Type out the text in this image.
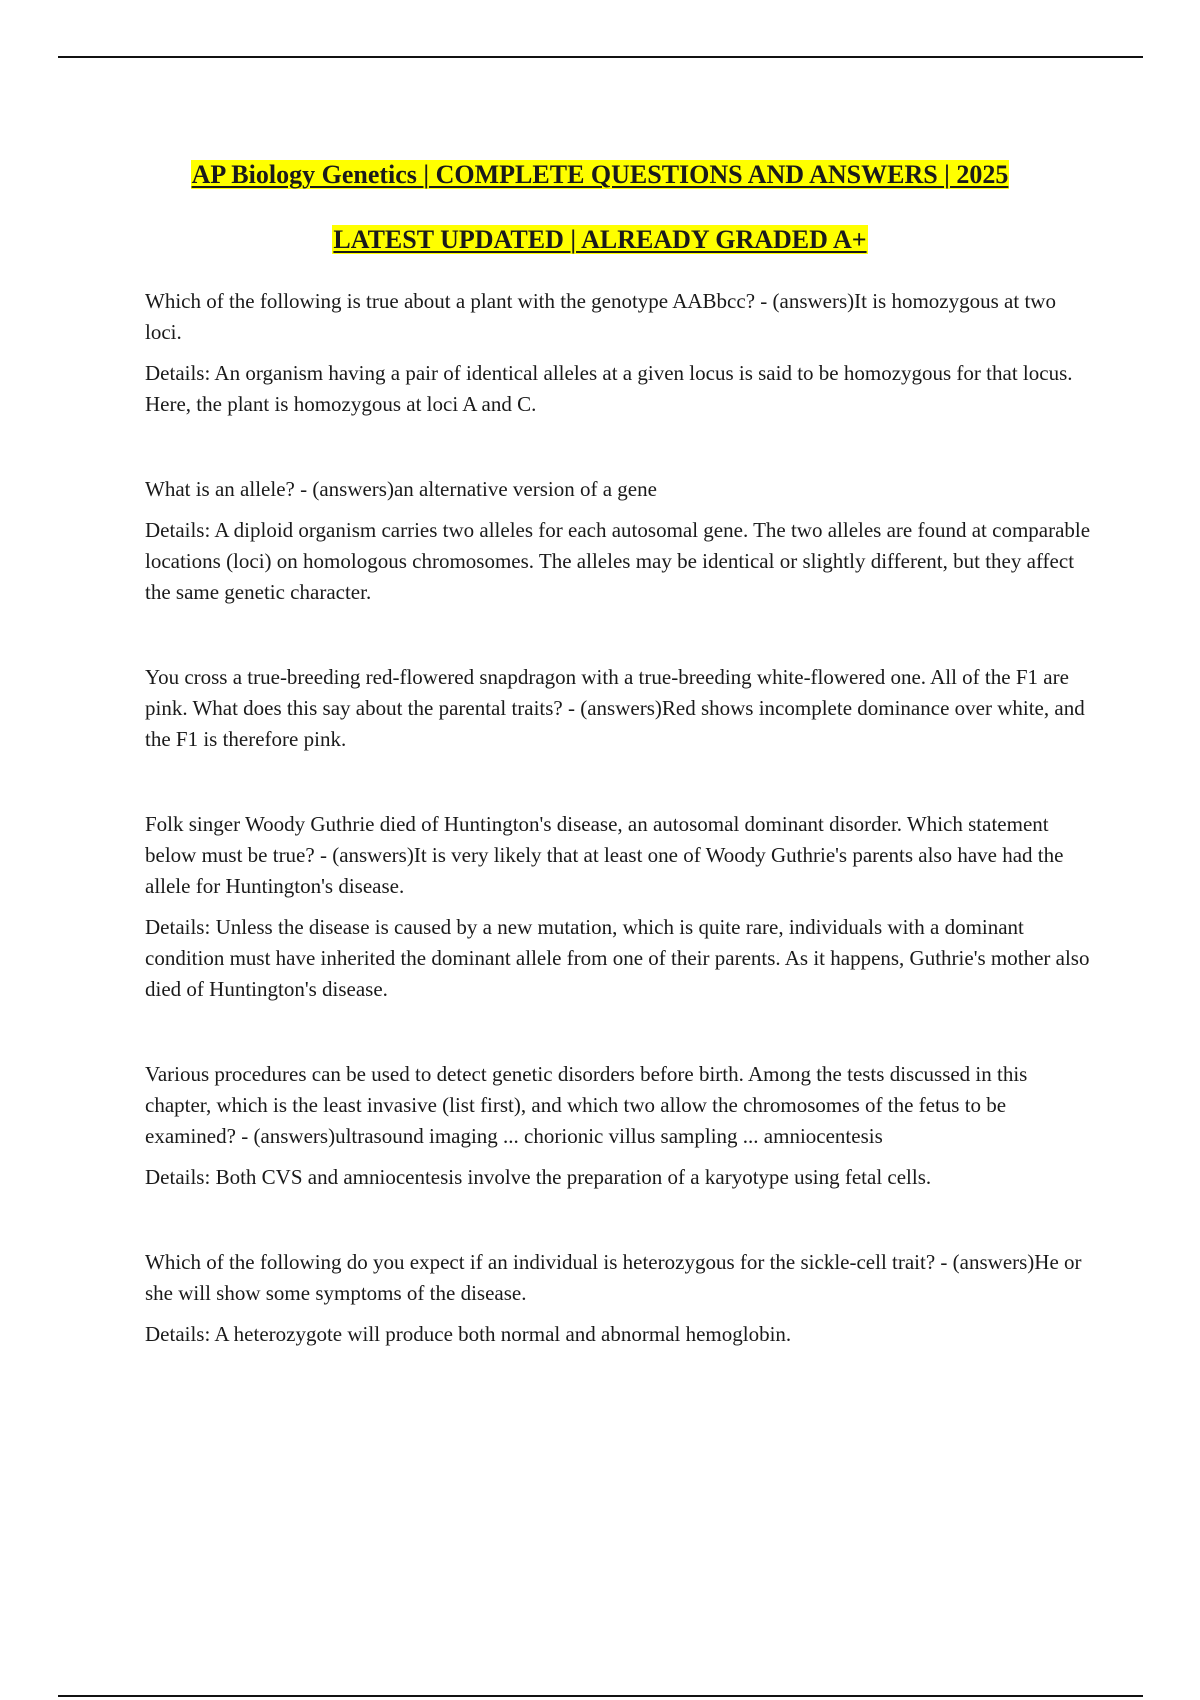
AP Biology Genetics | COMPLETE QUESTIONS AND ANSWERS | 2025
LATEST UPDATED | ALREADY GRADED A+

Which of the following is true about a plant with the genotype AABbcc? - (answers)It is homozygous at two loci.

Details: An organism having a pair of identical alleles at a given locus is said to be homozygous for that locus. Here, the plant is homozygous at loci A and C.

What is an allele? - (answers)an alternative version of a gene

Details: A diploid organism carries two alleles for each autosomal gene. The two alleles are found at comparable locations (loci) on homologous chromosomes. The alleles may be identical or slightly different, but they affect the same genetic character.

You cross a true-breeding red-flowered snapdragon with a true-breeding white-flowered one. All of the F1 are pink. What does this say about the parental traits? - (answers)Red shows incomplete dominance over white, and the F1 is therefore pink.

Folk singer Woody Guthrie died of Huntington's disease, an autosomal dominant disorder. Which statement below must be true? - (answers)It is very likely that at least one of Woody Guthrie's parents also have had the allele for Huntington's disease.

Details: Unless the disease is caused by a new mutation, which is quite rare, individuals with a dominant condition must have inherited the dominant allele from one of their parents. As it happens, Guthrie's mother also died of Huntington's disease.

Various procedures can be used to detect genetic disorders before birth. Among the tests discussed in this chapter, which is the least invasive (list first), and which two allow the chromosomes of the fetus to be examined? - (answers)ultrasound imaging ... chorionic villus sampling ... amniocentesis

Details: Both CVS and amniocentesis involve the preparation of a karyotype using fetal cells.

Which of the following do you expect if an individual is heterozygous for the sickle-cell trait? - (answers)He or she will show some symptoms of the disease.

Details: A heterozygote will produce both normal and abnormal hemoglobin.
